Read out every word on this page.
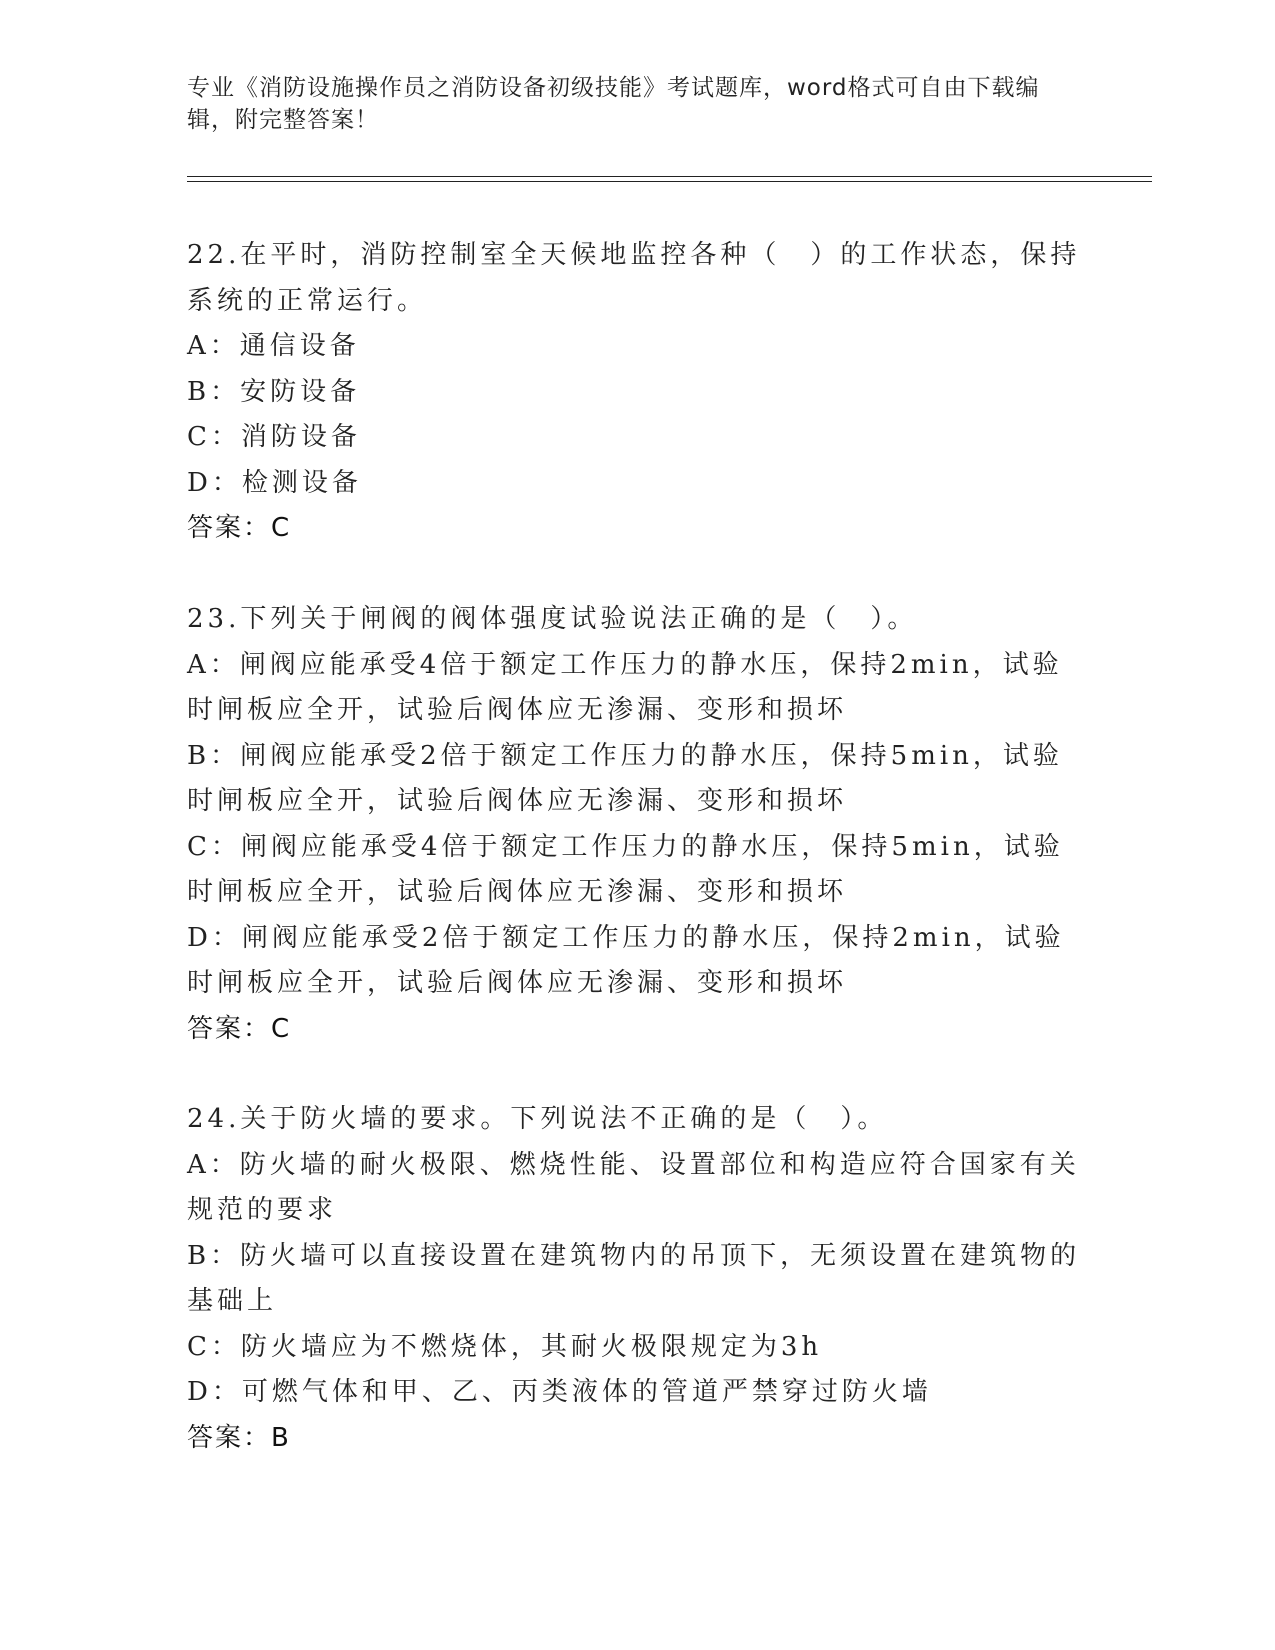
专业《消防设施操作员之消防设备初级技能》考试题库，word格式可自由下载编辑，附完整答案！

22.在平时，消防控制室全天候地监控各种（　）的工作状态，保持系统的正常运行。

A：通信设备

B：安防设备

C：消防设备

D：检测设备

答案：C

23.下列关于闸阀的阀体强度试验说法正确的是（　）。

A：闸阀应能承受4倍于额定工作压力的静水压，保持2min，试验时闸板应全开，试验后阀体应无渗漏、变形和损坏

B：闸阀应能承受2倍于额定工作压力的静水压，保持5min，试验时闸板应全开，试验后阀体应无渗漏、变形和损坏

C：闸阀应能承受4倍于额定工作压力的静水压，保持5min，试验时闸板应全开，试验后阀体应无渗漏、变形和损坏

D：闸阀应能承受2倍于额定工作压力的静水压，保持2min，试验时闸板应全开，试验后阀体应无渗漏、变形和损坏

答案：C

24.关于防火墙的要求。下列说法不正确的是（　）。

A：防火墙的耐火极限、燃烧性能、设置部位和构造应符合国家有关规范的要求

B：防火墙可以直接设置在建筑物内的吊顶下，无须设置在建筑物的基础上

C：防火墙应为不燃烧体，其耐火极限规定为3h

D：可燃气体和甲、乙、丙类液体的管道严禁穿过防火墙

答案：B
